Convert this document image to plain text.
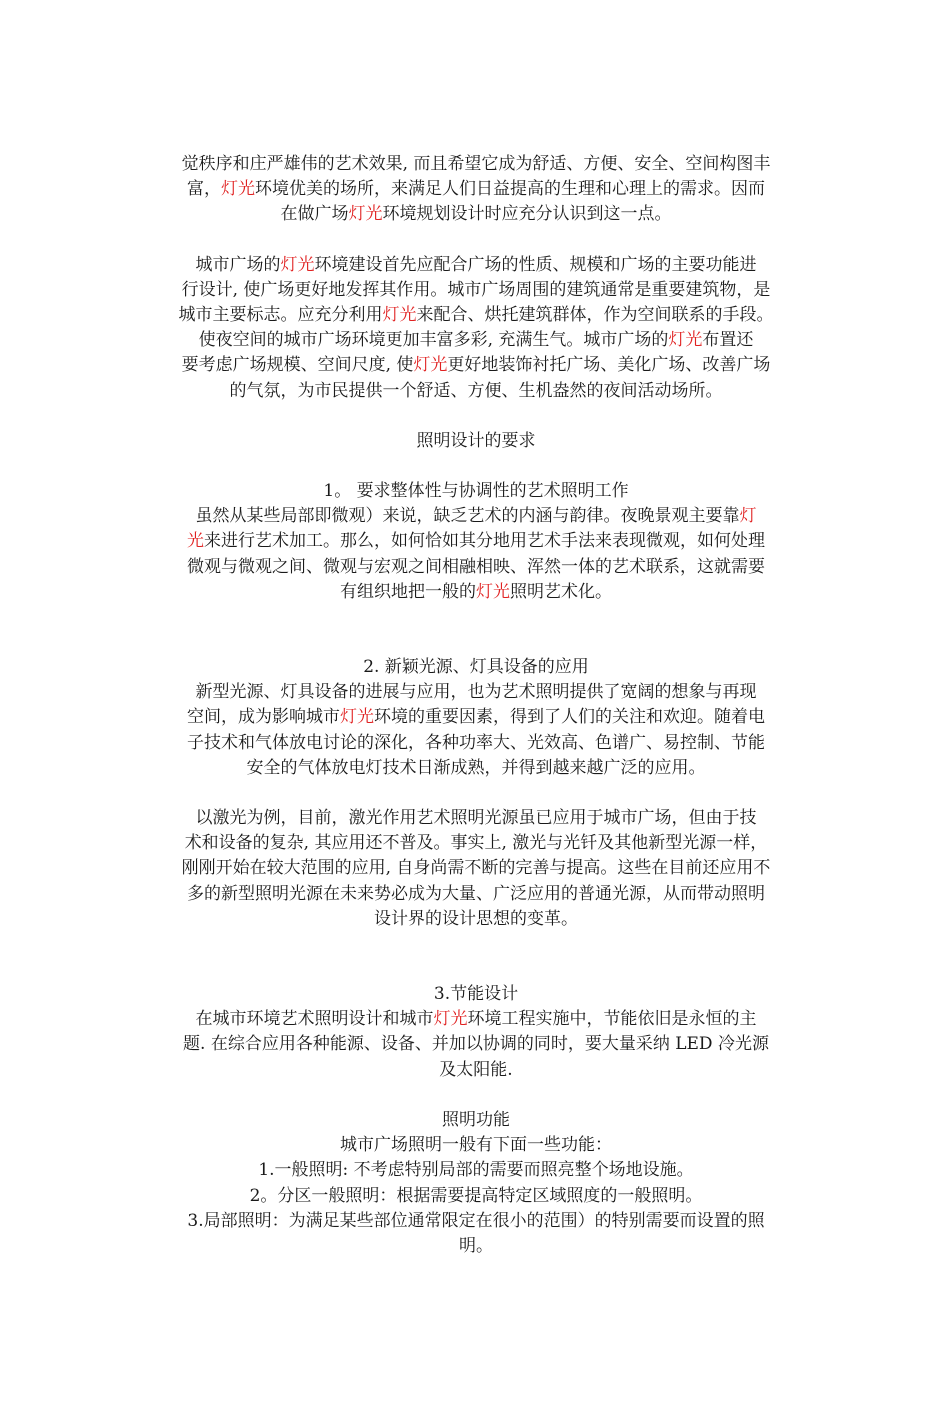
觉秩序和庄严雄伟的艺术效果, 而且希望它成为舒适、方便、安全、空间构图丰
富，灯光环境优美的场所，来满足人们日益提高的生理和心理上的需求。因而
在做广场灯光环境规划设计时应充分认识到这一点。

城市广场的灯光环境建设首先应配合广场的性质、规模和广场的主要功能进
行设计, 使广场更好地发挥其作用。城市广场周围的建筑通常是重要建筑物，是
城市主要标志。应充分利用灯光来配合、烘托建筑群体，作为空间联系的手段。
使夜空间的城市广场环境更加丰富多彩, 充满生气。城市广场的灯光布置还
要考虑广场规模、空间尺度, 使灯光更好地装饰衬托广场、美化广场、改善广场
的气氛，为市民提供一个舒适、方便、生机盎然的夜间活动场所。

照明设计的要求

1。 要求整体性与协调性的艺术照明工作
虽然从某些局部即微观）来说，缺乏艺术的内涵与韵律。夜晚景观主要靠灯
光来进行艺术加工。那么，如何恰如其分地用艺术手法来表现微观，如何处理
微观与微观之间、微观与宏观之间相融相映、浑然一体的艺术联系，这就需要
有组织地把一般的灯光照明艺术化。

2. 新颖光源、灯具设备的应用
新型光源、灯具设备的进展与应用，也为艺术照明提供了宽阔的想象与再现
空间，成为影响城市灯光环境的重要因素，得到了人们的关注和欢迎。随着电
子技术和气体放电讨论的深化，各种功率大、光效高、色谱广、易控制、节能
安全的气体放电灯技术日渐成熟，并得到越来越广泛的应用。

以激光为例，目前，激光作用艺术照明光源虽已应用于城市广场，但由于技
术和设备的复杂, 其应用还不普及。事实上, 激光与光钎及其他新型光源一样，
刚刚开始在较大范围的应用, 自身尚需不断的完善与提高。这些在目前还应用不
多的新型照明光源在未来势必成为大量、广泛应用的普通光源，从而带动照明
设计界的设计思想的变革。

3.节能设计
在城市环境艺术照明设计和城市灯光环境工程实施中，节能依旧是永恒的主
题. 在综合应用各种能源、设备、并加以协调的同时，要大量采纳 LED 冷光源
及太阳能.

照明功能
城市广场照明一般有下面一些功能：
1.一般照明: 不考虑特别局部的需要而照亮整个场地设施。
2。分区一般照明：根据需要提高特定区域照度的一般照明。
3.局部照明：为满足某些部位通常限定在很小的范围）的特别需要而设置的照
明。
